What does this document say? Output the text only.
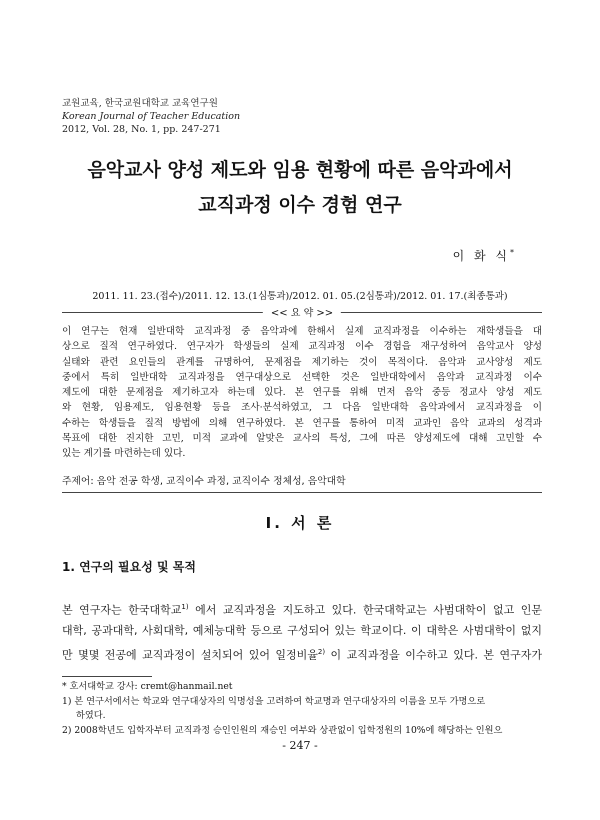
교원교육, 한국교원대학교 교육연구원
Korean Journal of Teacher Education
2012, Vol. 28, No. 1, pp. 247-271
음악교사 양성 제도와 임용 현황에 따른 음악과에서
교직과정 이수 경험 연구
이 화 식*
2011. 11. 23.(접수)/2011. 12. 13.(1심통과)/2012. 01. 05.(2심통과)/2012. 01. 17.(최종통과)
<< 요 약 >>
이 연구는 현재 일반대학 교직과정 중 음악과에 한해서 실제 교직과정을 이수하는 재학생들을 대
상으로 질적 연구하였다. 연구자가 학생들의 실제 교직과정 이수 경험을 재구성하여 음악교사 양성
실태와 관련 요인들의 관계를 규명하여, 문제점을 제기하는 것이 목적이다. 음악과 교사양성 제도
중에서 특히 일반대학 교직과정을 연구대상으로 선택한 것은 일반대학에서 음악과 교직과정 이수
제도에 대한 문제점을 제기하고자 하는데 있다. 본 연구를 위해 먼저 음악 중등 정교사 양성 제도
와 현황, 임용제도, 임용현황 등을 조사·분석하였고, 그 다음 일반대학 음악과에서 교직과정을 이
수하는 학생들을 질적 방법에 의해 연구하였다. 본 연구를 통하여 미적 교과인 음악 교과의 성격과
목표에 대한 진지한 고민, 미적 교과에 알맞은 교사의 특성, 그에 따른 양성제도에 대해 고민할 수
있는 계기를 마련하는데 있다.
주제어: 음악 전공 학생, 교직이수 과정, 교직이수 정체성, 음악대학
Ⅰ. 서 론
1. 연구의 필요성 및 목적
본 연구자는 한국대학교$^{1)}$ 에서 교직과정을 지도하고 있다. 한국대학교는 사범대학이 없고 인문
대학, 공과대학, 사회대학, 예체능대학 등으로 구성되어 있는 학교이다. 이 대학은 사범대학이 없지
만 몇몇 전공에 교직과정이 설치되어 있어 일정비율$^{2)}$ 이 교직과정을 이수하고 있다. 본 연구자가
* 호서대학교 강사: cremt@hanmail.net
1) 본 연구서에서는 학교와 연구대상자의 익명성을 고려하여 학교명과 연구대상자의 이름을 모두 가명으로
하였다.
2) 2008학년도 입학자부터 교직과정 승인인원의 재승인 여부와 상관없이 입학정원의 10%에 해당하는 인원으
- 247 -
